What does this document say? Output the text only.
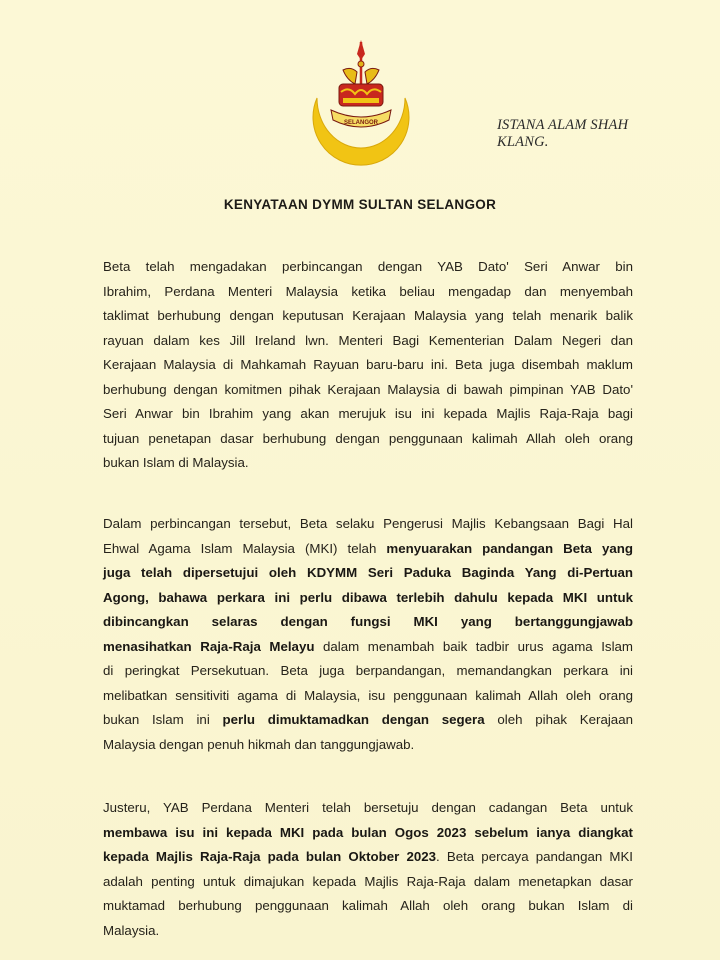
SELANGOR	ISTANA ALAM SHAH
KLANG.
KENYATAAN DYMM SULTAN SELANGOR
Beta telah mengadakan perbincangan dengan YAB Dato' Seri Anwar bin
Ibrahim, Perdana Menteri Malaysia ketika beliau mengadap dan menyembah
taklimat berhubung dengan keputusan Kerajaan Malaysia yang telah menarik balik
rayuan dalam kes Jill Ireland lwn. Menteri Bagi Kementerian Dalam Negeri dan
Kerajaan Malaysia di Mahkamah Rayuan baru-baru ini. Beta juga disembah maklum
berhubung dengan komitmen pihak Kerajaan Malaysia di bawah pimpinan YAB Dato'
Seri Anwar bin Ibrahim yang akan merujuk isu ini kepada Majlis Raja-Raja bagi
tujuan penetapan dasar berhubung dengan penggunaan kalimah Allah oleh orang
bukan Islam di Malaysia.
Dalam perbincangan tersebut, Beta selaku Pengerusi Majlis Kebangsaan Bagi Hal
Ehwal Agama Islam Malaysia (MKI) telah menyuarakan pandangan Beta yang
juga telah dipersetujui oleh KDYMM Seri Paduka Baginda Yang di-Pertuan
Agong, bahawa perkara ini perlu dibawa terlebih dahulu kepada MKI untuk
dibincangkan selaras dengan fungsi MKI yang bertanggungjawab
menasihatkan Raja-Raja Melayu dalam menambah baik tadbir urus agama Islam
di peringkat Persekutuan. Beta juga berpandangan, memandangkan perkara ini
melibatkan sensitiviti agama di Malaysia, isu penggunaan kalimah Allah oleh orang
bukan Islam ini perlu dimuktamadkan dengan segera oleh pihak Kerajaan
Malaysia dengan penuh hikmah dan tanggungjawab.
Justeru, YAB Perdana Menteri telah bersetuju dengan cadangan Beta untuk
membawa isu ini kepada MKI pada bulan Ogos 2023 sebelum ianya diangkat
kepada Majlis Raja-Raja pada bulan Oktober 2023. Beta percaya pandangan MKI
adalah penting untuk dimajukan kepada Majlis Raja-Raja dalam menetapkan dasar
muktamad berhubung penggunaan kalimah Allah oleh orang bukan Islam di
Malaysia.
